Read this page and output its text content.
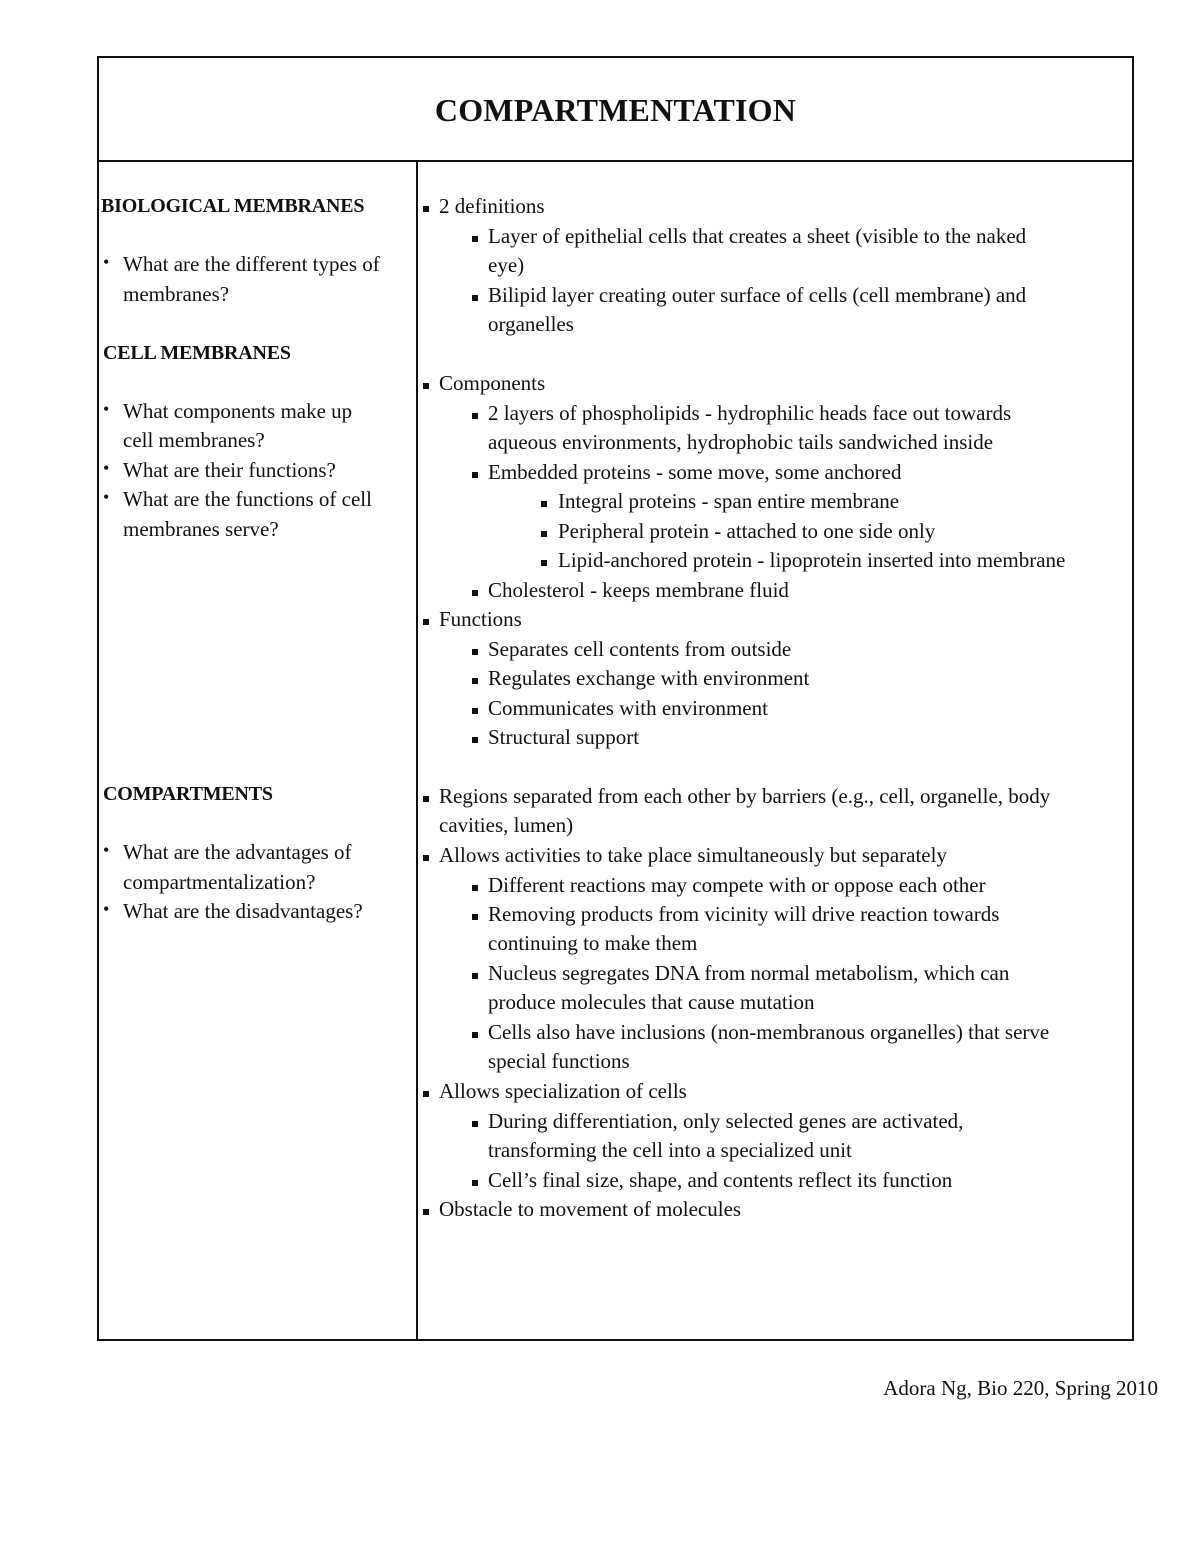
COMPARTMENTATION
BIOLOGICAL MEMBRANES
• What are the different types of
membranes?
CELL MEMBRANES
• What components make up
cell membranes?
• What are their functions?
• What are the functions of cell
membranes serve?
COMPARTMENTS
• What are the advantages of
compartmentalization?
• What are the disadvantages?
2 definitions
Layer of epithelial cells that creates a sheet (visible to the naked
eye)
Bilipid layer creating outer surface of cells (cell membrane) and
organelles
Components
2 layers of phospholipids - hydrophilic heads face out towards
aqueous environments, hydrophobic tails sandwiched inside
Embedded proteins - some move, some anchored
Integral proteins - span entire membrane
Peripheral protein - attached to one side only
Lipid-anchored protein - lipoprotein inserted into membrane
Cholesterol - keeps membrane fluid
Functions
Separates cell contents from outside
Regulates exchange with environment
Communicates with environment
Structural support
Regions separated from each other by barriers (e.g., cell, organelle, body
cavities, lumen)
Allows activities to take place simultaneously but separately
Different reactions may compete with or oppose each other
Removing products from vicinity will drive reaction towards
continuing to make them
Nucleus segregates DNA from normal metabolism, which can
produce molecules that cause mutation
Cells also have inclusions (non-membranous organelles) that serve
special functions
Allows specialization of cells
During differentiation, only selected genes are activated,
transforming the cell into a specialized unit
Cell’s final size, shape, and contents reflect its function
Obstacle to movement of molecules
Adora Ng, Bio 220, Spring 2010
